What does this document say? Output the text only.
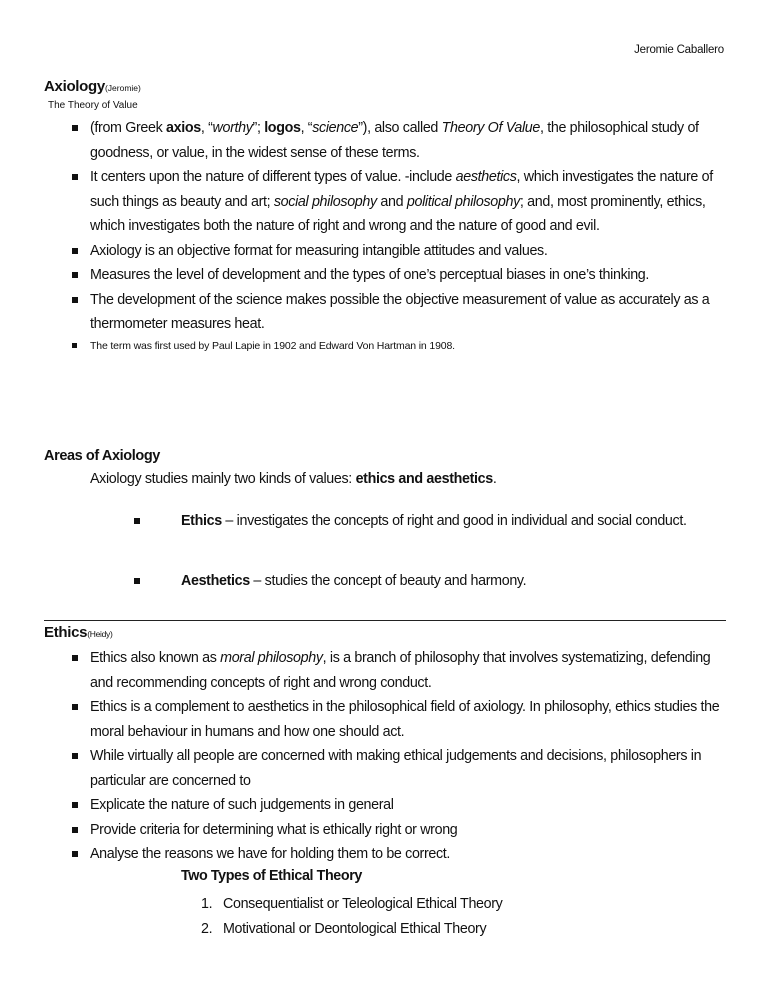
Jeromie Caballero
Axiology(Jeromie)
The Theory of Value
(from Greek axios, “worthy”; logos, “science”), also called Theory Of Value, the philosophical study of goodness, or value, in the widest sense of these terms.
It centers upon the nature of different types of value. -include aesthetics, which investigates the nature of such things as beauty and art; social philosophy and political philosophy; and, most prominently, ethics, which investigates both the nature of right and wrong and the nature of good and evil.
Axiology is an objective format for measuring intangible attitudes and values.
Measures the level of development and the types of one’s perceptual biases in one’s thinking.
The development of the science makes possible the objective measurement of value as accurately as a thermometer measures heat.
The term was first used by Paul Lapie in 1902 and Edward Von Hartman in 1908.
Areas of Axiology
Axiology studies mainly two kinds of values: ethics and aesthetics.
Ethics – investigates the concepts of right and good in individual and social conduct.
Aesthetics – studies the concept of beauty and harmony.
Ethics(Heidy)
Ethics also known as moral philosophy, is a branch of philosophy that involves systematizing, defending and recommending concepts of right and wrong conduct.
Ethics is a complement to aesthetics in the philosophical field of axiology. In philosophy, ethics studies the moral behaviour in humans and how one should act.
While virtually all people are concerned with making ethical judgements and decisions, philosophers in particular are concerned to
Explicate the nature of such judgements in general
Provide criteria for determining what is ethically right or wrong
Analyse the reasons we have for holding them to be correct.
Two Types of Ethical Theory
1. Consequentialist or Teleological Ethical Theory
2. Motivational or Deontological Ethical Theory
